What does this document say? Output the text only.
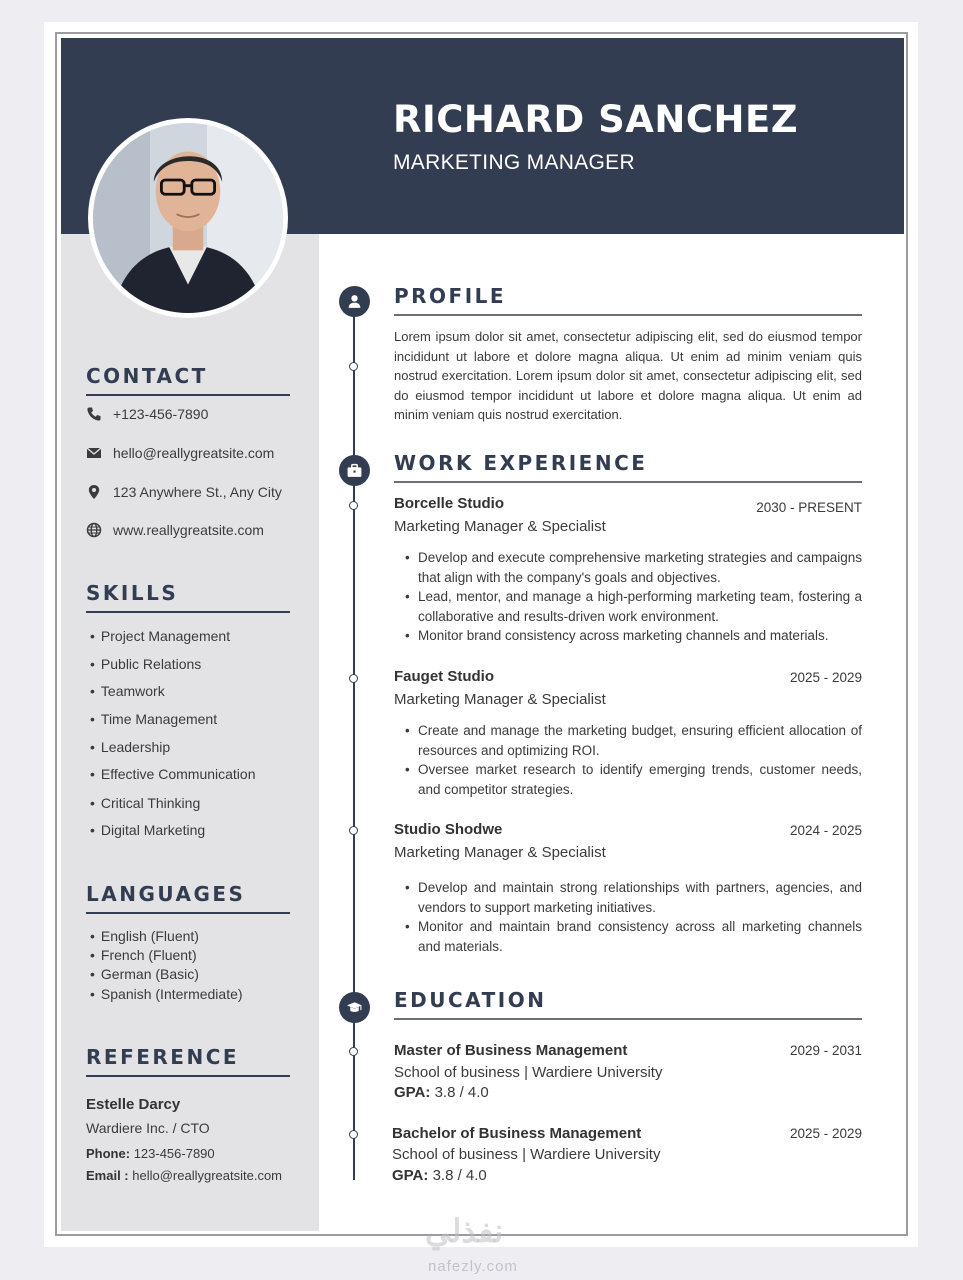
RICHARD SANCHEZ
MARKETING MANAGER
CONTACT
+123-456-7890
hello@reallygreatsite.com
123 Anywhere St., Any City
www.reallygreatsite.com
SKILLS
• Project Management
• Public Relations
• Teamwork
• Time Management
• Leadership
• Effective Communication
• Critical Thinking
• Digital Marketing
LANGUAGES
• English (Fluent)
• French (Fluent)
• German (Basic)
• Spanish (Intermediate)
REFERENCE
Estelle Darcy
Wardiere Inc. / CTO
Phone: 123-456-7890
Email : hello@reallygreatsite.com
PROFILE
Lorem ipsum dolor sit amet, consectetur adipiscing elit, sed do eiusmod tempor incididunt ut labore et dolore magna aliqua. Ut enim ad minim veniam quis nostrud exercitation. Lorem ipsum dolor sit amet, consectetur adipiscing elit, sed do eiusmod tempor incididunt ut labore et dolore magna aliqua. Ut enim ad minim veniam quis nostrud exercitation.
WORK EXPERIENCE
Borcelle Studio	2030 - PRESENT
Marketing Manager & Specialist
• Develop and execute comprehensive marketing strategies and campaigns that align with the company's goals and objectives.
• Lead, mentor, and manage a high-performing marketing team, fostering a collaborative and results-driven work environment.
• Monitor brand consistency across marketing channels and materials.
Fauget Studio	2025 - 2029
Marketing Manager & Specialist
• Create and manage the marketing budget, ensuring efficient allocation of resources and optimizing ROI.
• Oversee market research to identify emerging trends, customer needs, and competitor strategies.
Studio Shodwe	2024 - 2025
Marketing Manager & Specialist
• Develop and maintain strong relationships with partners, agencies, and vendors to support marketing initiatives.
• Monitor and maintain brand consistency across all marketing channels and materials.
EDUCATION
Master of Business Management	2029 - 2031
School of business | Wardiere University
GPA: 3.8 / 4.0
Bachelor of Business Management	2025 - 2029
School of business | Wardiere University
GPA: 3.8 / 4.0
نفذلي
nafezly.com
